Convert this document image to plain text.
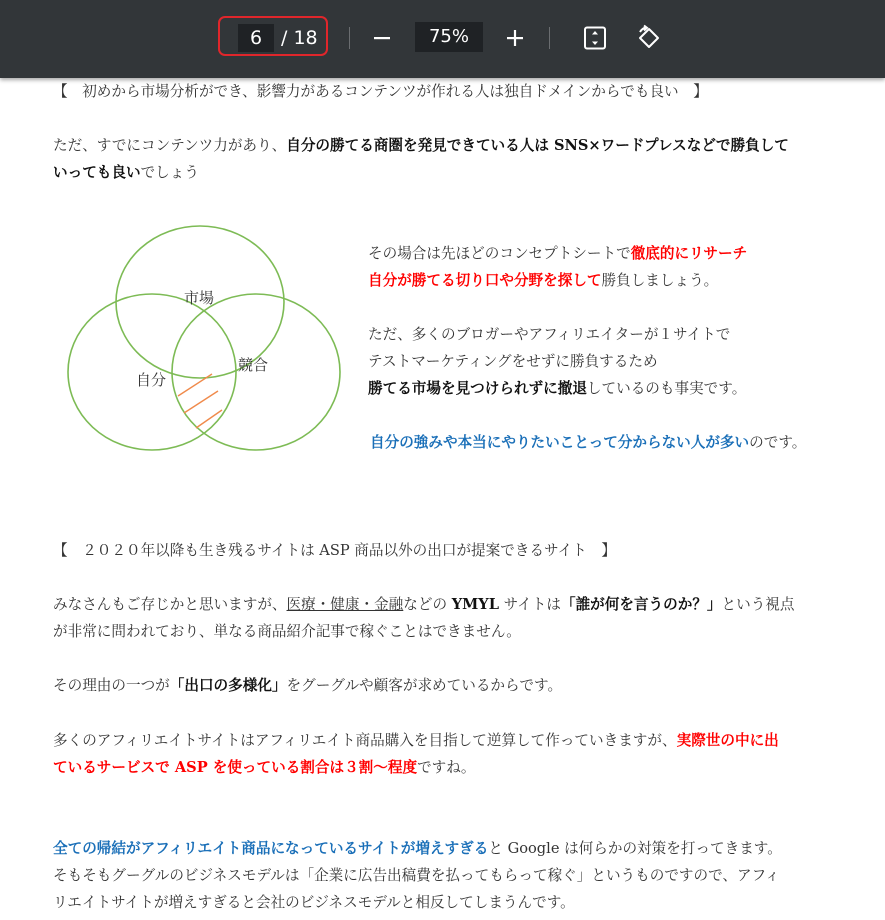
6 / 18	75%

【　初めから市場分析ができ、影響力があるコンテンツが作れる人は独自ドメインからでも良い　】

ただ、すでにコンテンツ力があり、自分の勝てる商圏を発見できている人は SNS×ワードプレスなどで勝負して

いっても良いでしょう

市場
自分
競合

その場合は先ほどのコンセプトシートで徹底的にリサーチ

自分が勝てる切り口や分野を探して勝負しましょう。

ただ、多くのブロガーやアフィリエイターが１サイトで

テストマーケティングをせずに勝負するため

勝てる市場を見つけられずに撤退しているのも事実です。

自分の強みや本当にやりたいことって分からない人が多いのです。

【　２０２０年以降も生き残るサイトは ASP 商品以外の出口が提案できるサイト　】

みなさんもご存じかと思いますが、医療・健康・金融などの YMYL サイトは「誰が何を言うのか？」という視点

が非常に問われており、単なる商品紹介記事で稼ぐことはできません。

その理由の一つが「出口の多様化」をグーグルや顧客が求めているからです。

多くのアフィリエイトサイトはアフィリエイト商品購入を目指して逆算して作っていきますが、実際世の中に出

ているサービスで ASP を使っている割合は３割〜程度ですね。

全ての帰結がアフィリエイト商品になっているサイトが増えすぎると Google は何らかの対策を打ってきます。

そもそもグーグルのビジネスモデルは「企業に広告出稿費を払ってもらって稼ぐ」というものですので、アフィ

リエイトサイトが増えすぎると会社のビジネスモデルと相反してしまうんです。
